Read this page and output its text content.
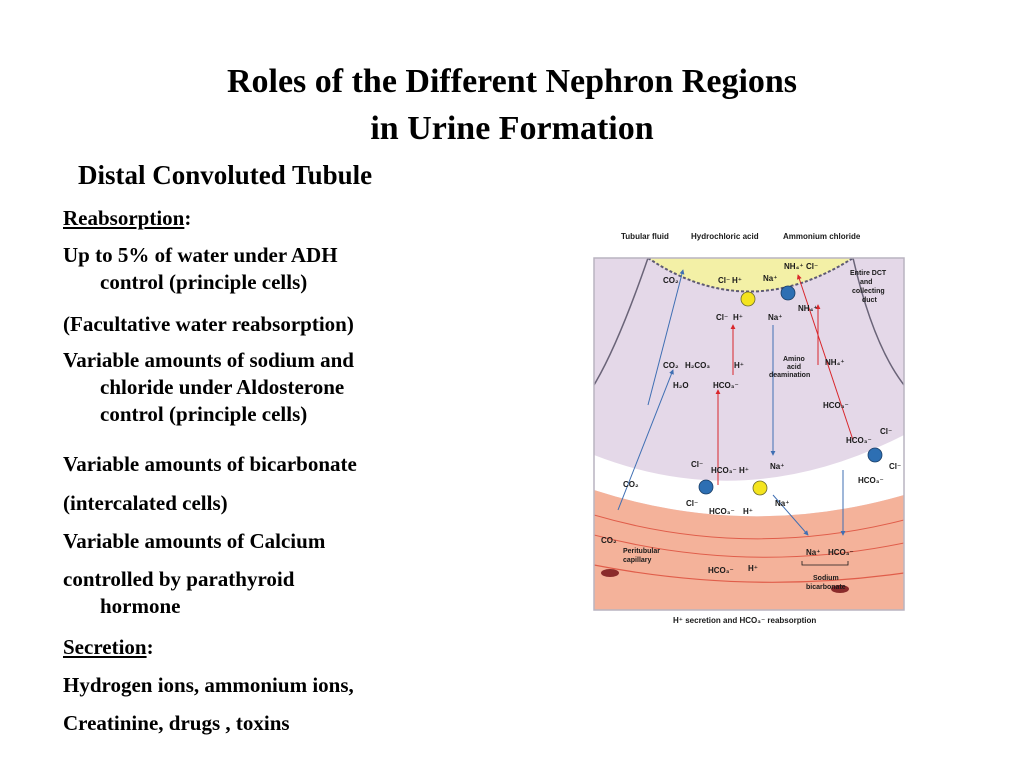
Roles of the Different Nephron Regions
in Urine Formation
Distal Convoluted Tubule
Reabsorption:
Up to 5% of water under ADH
control (principle cells)
(Facultative water reabsorption)
Variable amounts of sodium and
chloride under Aldosterone
control (principle cells)
Variable amounts of bicarbonate
(intercalated cells)
Variable amounts of Calcium
controlled by parathyroid
hormone
Secretion:
Hydrogen ions, ammonium ions,
Creatinine, drugs , toxins
Tubular fluid	Hydrochloric acid	Ammonium chloride
CO₂	Cl⁻ H⁺	Na⁺
NH₄⁺ Cl⁻
Entire DCT
and
collecting
duct
Cl⁻ H⁺	Na⁺
NH₄⁺
CO₂ H₂CO₃	H⁺
H₂O	HCO₃⁻
Amino
acid
deamination
NH₄⁺
HCO₃⁻
HCO₃⁻
Cl⁻
Cl⁻
HCO₃⁻ H⁺	Na⁺
CO₂
Cl⁻
HCO₃⁻ H⁺
Na⁺
Cl⁻
HCO₃⁻
CO₂
Peritubular
capillary
HCO₃⁻ H⁺
Na⁺ HCO₃⁻
Sodium
bicarbonate
H⁺ secretion and HCO₃⁻ reabsorption
